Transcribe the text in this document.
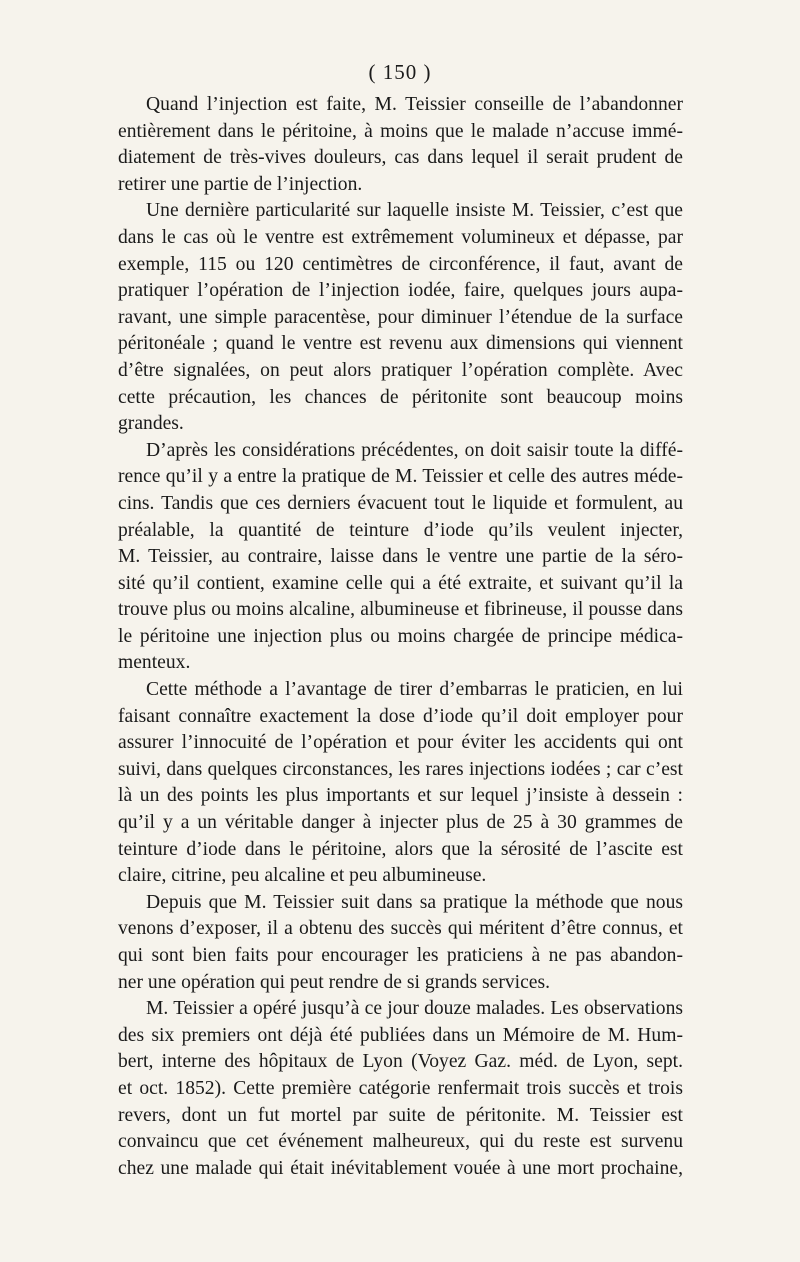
( 150 )
Quand l’injection est faite, M. Teissier conseille de l’abandonner
entièrement dans le péritoine, à moins que le malade n’accuse immé-
diatement de très-vives douleurs, cas dans lequel il serait prudent de
retirer une partie de l’injection.
Une dernière particularité sur laquelle insiste M. Teissier, c’est que
dans le cas où le ventre est extrêmement volumineux et dépasse, par
exemple, 115 ou 120 centimètres de circonférence, il faut, avant de
pratiquer l’opération de l’injection iodée, faire, quelques jours aupa-
ravant, une simple paracentèse, pour diminuer l’étendue de la surface
péritonéale ; quand le ventre est revenu aux dimensions qui viennent
d’être signalées, on peut alors pratiquer l’opération complète. Avec
cette précaution, les chances de péritonite sont beaucoup moins
grandes.
D’après les considérations précédentes, on doit saisir toute la diffé-
rence qu’il y a entre la pratique de M. Teissier et celle des autres méde-
cins. Tandis que ces derniers évacuent tout le liquide et formulent, au
préalable, la quantité de teinture d’iode qu’ils veulent injecter,
M. Teissier, au contraire, laisse dans le ventre une partie de la séro-
sité qu’il contient, examine celle qui a été extraite, et suivant qu’il la
trouve plus ou moins alcaline, albumineuse et fibrineuse, il pousse dans
le péritoine une injection plus ou moins chargée de principe médica-
menteux.
Cette méthode a l’avantage de tirer d’embarras le praticien, en lui
faisant connaître exactement la dose d’iode qu’il doit employer pour
assurer l’innocuité de l’opération et pour éviter les accidents qui ont
suivi, dans quelques circonstances, les rares injections iodées ; car c’est
là un des points les plus importants et sur lequel j’insiste à dessein :
qu’il y a un véritable danger à injecter plus de 25 à 30 grammes de
teinture d’iode dans le péritoine, alors que la sérosité de l’ascite est
claire, citrine, peu alcaline et peu albumineuse.
Depuis que M. Teissier suit dans sa pratique la méthode que nous
venons d’exposer, il a obtenu des succès qui méritent d’être connus, et
qui sont bien faits pour encourager les praticiens à ne pas abandon-
ner une opération qui peut rendre de si grands services.
M. Teissier a opéré jusqu’à ce jour douze malades. Les observations
des six premiers ont déjà été publiées dans un Mémoire de M. Hum-
bert, interne des hôpitaux de Lyon (Voyez Gaz. méd. de Lyon, sept.
et oct. 1852). Cette première catégorie renfermait trois succès et trois
revers, dont un fut mortel par suite de péritonite. M. Teissier est
convaincu que cet événement malheureux, qui du reste est survenu
chez une malade qui était inévitablement vouée à une mort prochaine,
